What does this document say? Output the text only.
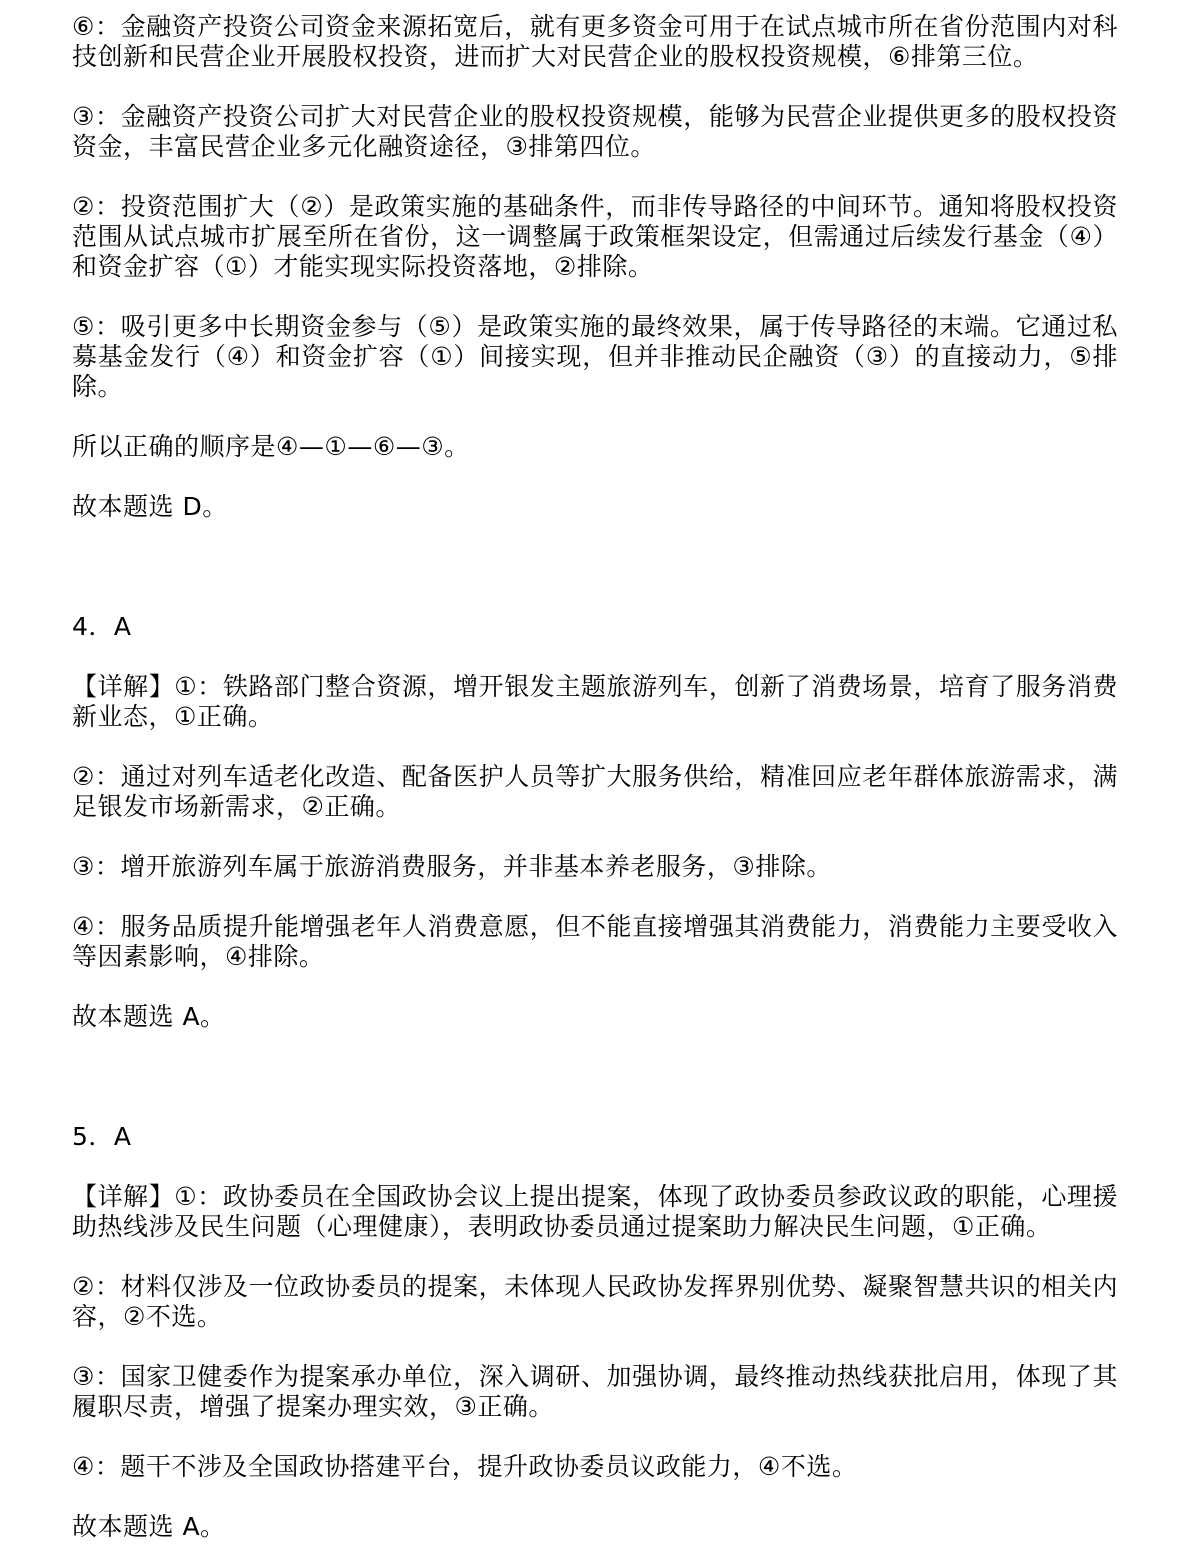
⑥：金融资产投资公司资金来源拓宽后，就有更多资金可用于在试点城市所在省份范围内对科技创新和民营企业开展股权投资，进而扩大对民营企业的股权投资规模，⑥排第三位。

③：金融资产投资公司扩大对民营企业的股权投资规模，能够为民营企业提供更多的股权投资资金，丰富民营企业多元化融资途径，③排第四位。

②：投资范围扩大（②）是政策实施的基础条件，而非传导路径的中间环节。通知将股权投资范围从试点城市扩展至所在省份，这一调整属于政策框架设定，但需通过后续发行基金（④）和资金扩容（①）才能实现实际投资落地，②排除。

⑤：吸引更多中长期资金参与（⑤）是政策实施的最终效果，属于传导路径的末端。它通过私募基金发行（④）和资金扩容（①）间接实现，但并非推动民企融资（③）的直接动力，⑤排除。

所以正确的顺序是④—①—⑥—③。

故本题选 D。

4．A

【详解】①：铁路部门整合资源，增开银发主题旅游列车，创新了消费场景，培育了服务消费新业态，①正确。

②：通过对列车适老化改造、配备医护人员等扩大服务供给，精准回应老年群体旅游需求，满足银发市场新需求，②正确。

③：增开旅游列车属于旅游消费服务，并非基本养老服务，③排除。

④：服务品质提升能增强老年人消费意愿，但不能直接增强其消费能力，消费能力主要受收入等因素影响，④排除。

故本题选 A。

5．A

【详解】①：政协委员在全国政协会议上提出提案，体现了政协委员参政议政的职能，心理援助热线涉及民生问题（心理健康），表明政协委员通过提案助力解决民生问题，①正确。

②：材料仅涉及一位政协委员的提案，未体现人民政协发挥界别优势、凝聚智慧共识的相关内容，②不选。

③：国家卫健委作为提案承办单位，深入调研、加强协调，最终推动热线获批启用，体现了其履职尽责，增强了提案办理实效，③正确。

④：题干不涉及全国政协搭建平台，提升政协委员议政能力，④不选。

故本题选 A。
